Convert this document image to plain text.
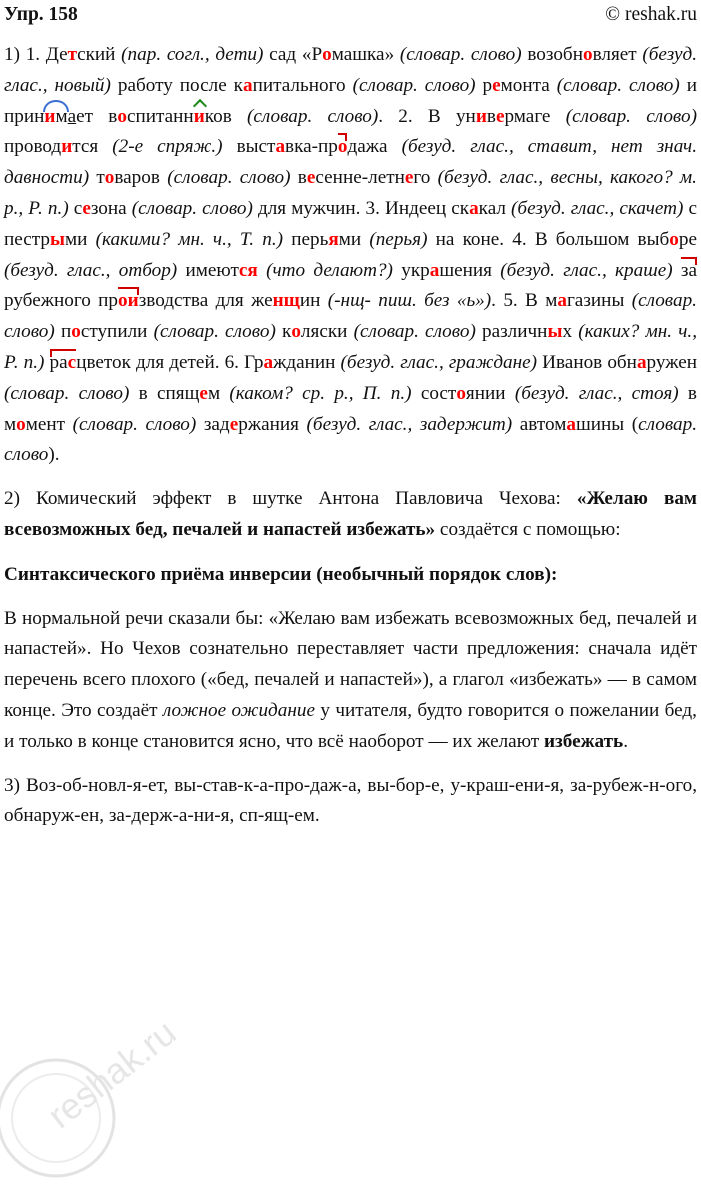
Упр. 158	© reshak.ru

1) 1. Детский (пар. согл., дети) сад «Ромашка» (словар. слово) возобновляет (безуд. глас., новый) работу после капитального (словар. слово) ремонта (словар. слово) и принимает воспитанников (словар. слово). 2. В универмаге (словар. слово) проводится (2-е спряж.) выставка-продажа (безуд. глас., ставит, нет знач. давности) товаров (словар. слово) весенне-летнего (безуд. глас., весны, какого? м. р., Р. п.) сезона (словар. слово) для мужчин. 3. Индеец скакал (безуд. глас., скачет) с пестрыми (какими? мн. ч., Т. п.) перьями (перья) на коне. 4. В большом выборе (безуд. глас., отбор) имеются (что делают?) украшения (безуд. глас., краше) зарубежного производства для женщин (-нщ- пиш. без «ь»). 5. В магазины (словар. слово) поступили (словар. слово) коляски (словар. слово) различных (каких? мн. ч., Р. п.) расцветок для детей. 6. Гражданин (безуд. глас., граждане) Иванов обнаружен (словар. слово) в спящем (каком? ср. р., П. п.) состоянии (безуд. глас., стоя) в момент (словар. слово) задержания (безуд. глас., задержит) автомашины (словар. слово).

2) Комический эффект в шутке Антона Павловича Чехова: «Желаю вам всевозможных бед, печалей и напастей избежать» создаётся с помощью:

Синтаксического приёма инверсии (необычный порядок слов):

В нормальной речи сказали бы: «Желаю вам избежать всевозможных бед, печалей и напастей». Но Чехов сознательно переставляет части предложения: сначала идёт перечень всего плохого («бед, печалей и напастей»), а глагол «избежать» — в самом конце. Это создаёт ложное ожидание у читателя, будто говорится о пожелании бед, и только в конце становится ясно, что всё наоборот — их желают избежать.

3) Воз-об-новл-я-ет, вы-став-к-а-про-даж-а, вы-бор-е, у-краш-ени-я, за-рубеж-н-ого, обнаруж-ен, за-держ-а-ни-я, сп-ящ-ем.

reshak.ru
